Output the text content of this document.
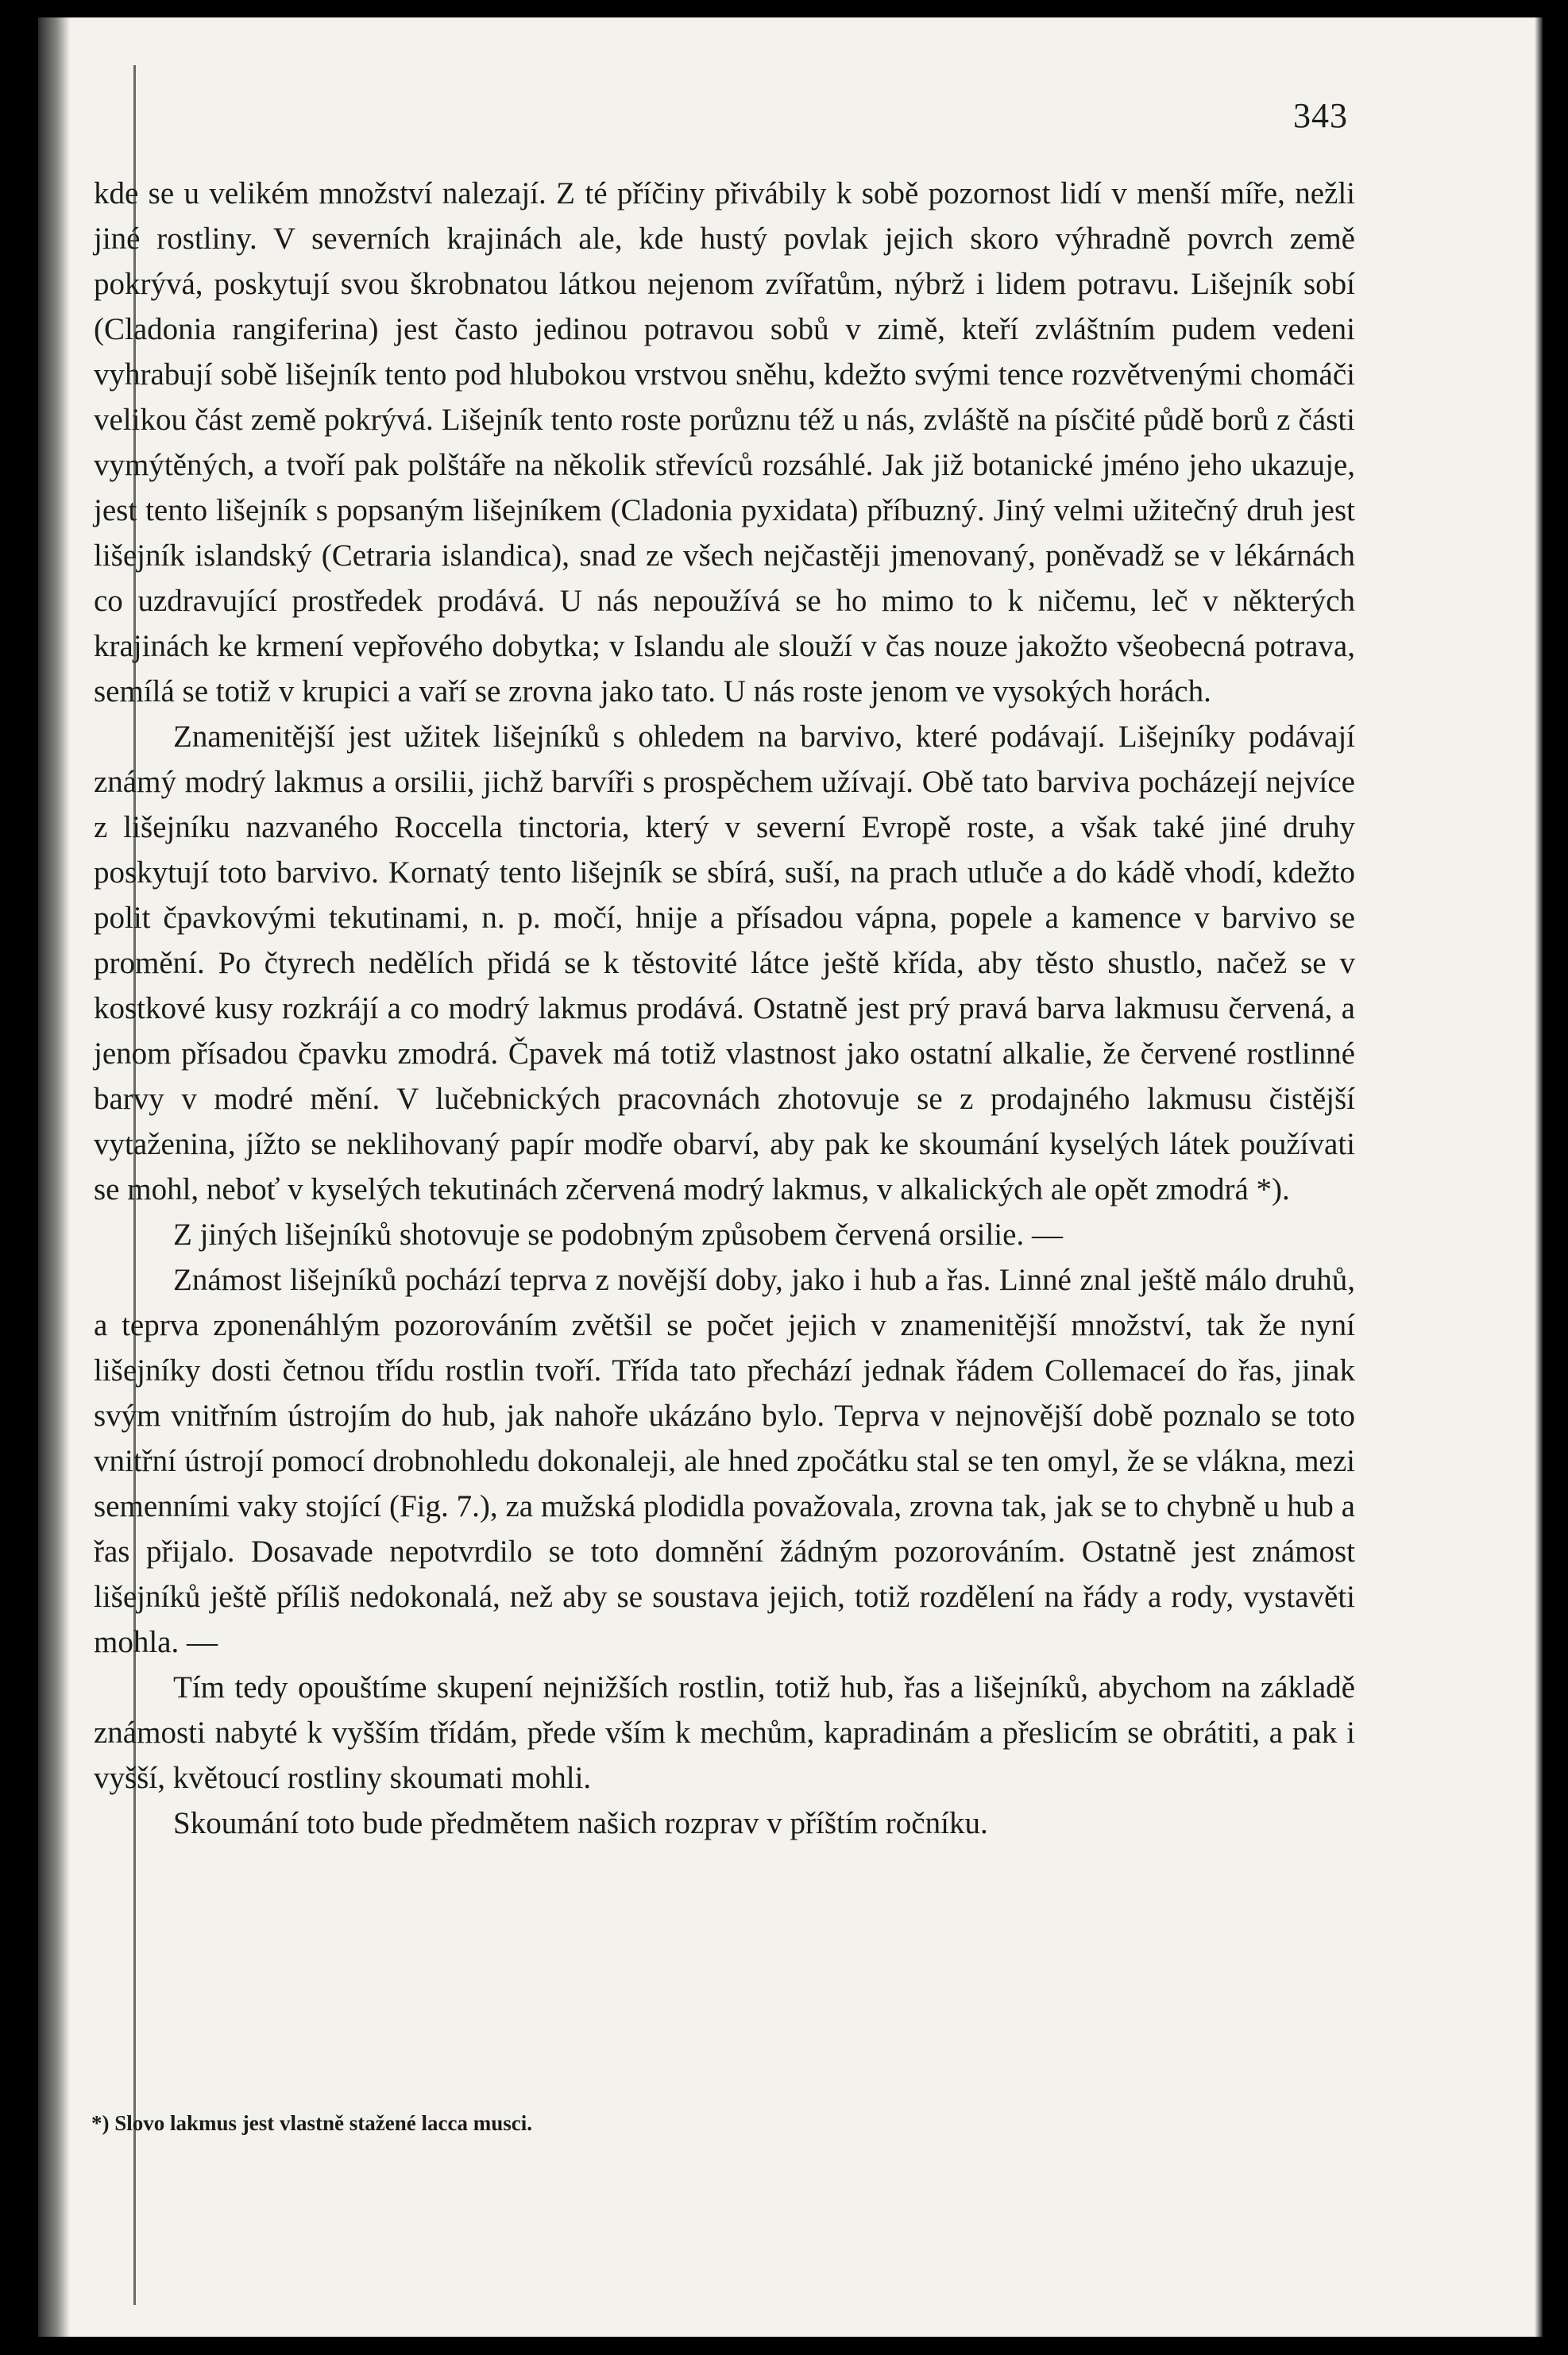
343

kde se u velikém množství nalezají. Z té příčiny přivábily k sobě pozornost lidí v menší míře, nežli jiné rostliny. V severních krajinách ale, kde hustý povlak jejich skoro výhradně povrch země pokrývá, poskytují svou škrobnatou látkou nejenom zvířatům, nýbrž i lidem potravu. Lišejník sobí (Cladonia rangiferina) jest často jedinou potravou sobů v zimě, kteří zvláštním pudem vedeni vyhrabují sobě lišejník tento pod hlubokou vrstvou sněhu, kdežto svými tence rozvětvenými chomáči velikou část země pokrývá. Lišejník tento roste porůznu též u nás, zvláště na písčité půdě borů z části vymýtěných, a tvoří pak polštáře na několik střevíců rozsáhlé. Jak již botanické jméno jeho ukazuje, jest tento lišejník s popsaným lišejníkem (Cladonia pyxidata) příbuzný. Jiný velmi užitečný druh jest lišejník islandský (Cetraria islandica), snad ze všech nejčastěji jmenovaný, poněvadž se v lékárnách co uzdravující prostředek prodává. U nás nepoužívá se ho mimo to k ničemu, leč v některých krajinách ke krmení vepřového dobytka; v Islandu ale slouží v čas nouze jakožto všeobecná potrava, semílá se totiž v krupici a vaří se zrovna jako tato. U nás roste jenom ve vysokých horách.

Znamenitější jest užitek lišejníků s ohledem na barvivo, které podávají. Lišejníky podávají známý modrý lakmus a orsilii, jichž barvíři s prospěchem užívají. Obě tato barviva pocházejí nejvíce z lišejníku nazvaného Roccella tinctoria, který v severní Evropě roste, a však také jiné druhy poskytují toto barvivo. Kornatý tento lišejník se sbírá, suší, na prach utluče a do kádě vhodí, kdežto polit čpavkovými tekutinami, n. p. močí, hnije a přísadou vápna, popele a kamence v barvivo se promění. Po čtyrech nedělích přidá se k těstovité látce ještě křída, aby těsto shustlo, načež se v kostkové kusy rozkrájí a co modrý lakmus prodává. Ostatně jest prý pravá barva lakmusu červená, a jenom přísadou čpavku zmodrá. Čpavek má totiž vlastnost jako ostatní alkalie, že červené rostlinné barvy v modré mění. V lučebnických pracovnách zhotovuje se z prodajného lakmusu čistější vytaženina, jížto se neklihovaný papír modře obarví, aby pak ke skoumání kyselých látek používati se mohl, neboť v kyselých tekutinách zčervená modrý lakmus, v alkalických ale opět zmodrá *).

Z jiných lišejníků shotovuje se podobným způsobem červená orsilie. —

Známost lišejníků pochází teprva z novější doby, jako i hub a řas. Linné znal ještě málo druhů, a teprva zponenáhlým pozorováním zvětšil se počet jejich v znamenitější množství, tak že nyní lišejníky dosti četnou třídu rostlin tvoří. Třída tato přechází jednak řádem Collemaceí do řas, jinak svým vnitřním ústrojím do hub, jak nahoře ukázáno bylo. Teprva v nejnovější době poznalo se toto vnitřní ústrojí pomocí drobnohledu dokonaleji, ale hned zpočátku stal se ten omyl, že se vlákna, mezi semenními vaky stojící (Fig. 7.), za mužská plodidla považovala, zrovna tak, jak se to chybně u hub a řas přijalo. Dosavade nepotvrdilo se toto domnění žádným pozorováním. Ostatně jest známost lišejníků ještě příliš nedokonalá, než aby se soustava jejich, totiž rozdělení na řády a rody, vystavěti mohla. —

Tím tedy opouštíme skupení nejnižších rostlin, totiž hub, řas a lišejníků, abychom na základě známosti nabyté k vyšším třídám, přede vším k mechům, kapradinám a přeslicím se obrátiti, a pak i vyšší, květoucí rostliny skoumati mohli.

Skoumání toto bude předmětem našich rozprav v příštím ročníku.

*) Slovo lakmus jest vlastně stažené lacca musci.
